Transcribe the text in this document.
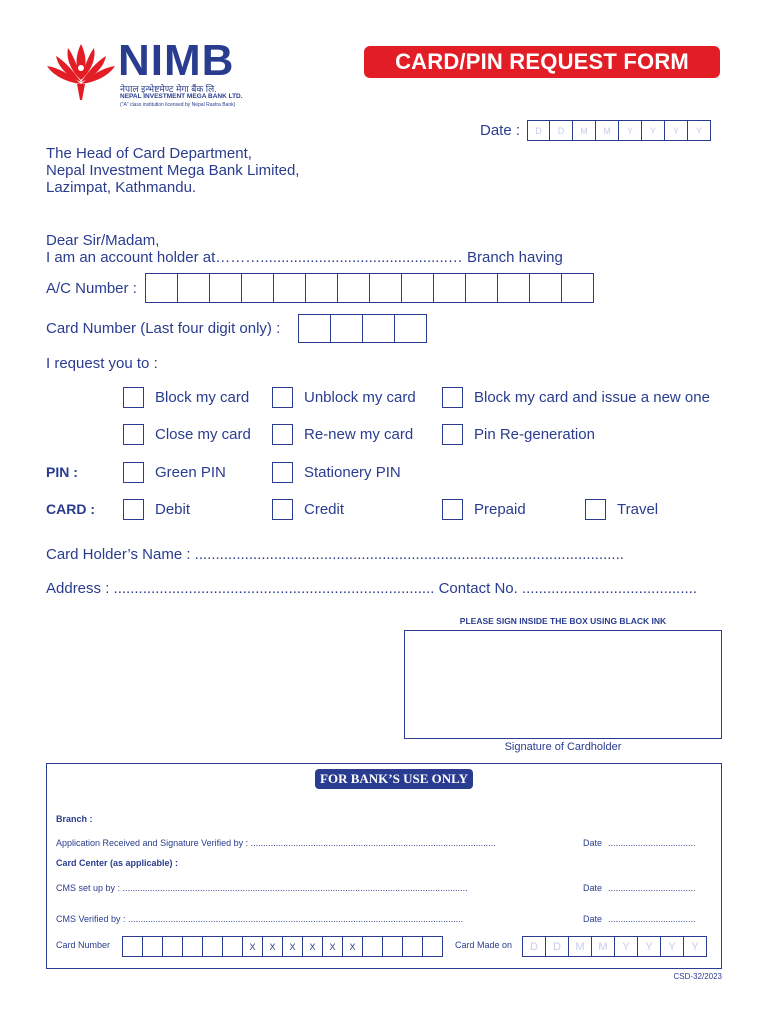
NIMB
नेपाल इन्भेष्टमेण्ट मेगा बैंक लि.
NEPAL INVESTMENT MEGA BANK LTD.
("A" class institution licensed by Nepal Rastra Bank)
CARD/PIN REQUEST FORM
Date :	D	D	M	M	Y	Y	Y	Y
The Head of Card Department,
Nepal Investment Mega Bank Limited,
Lazimpat, Kathmandu.
Dear Sir/Madam,
I am an account holder at……….............................................… Branch having
A/C Number :
Card Number (Last four digit only) :
I request you to :
Block my card	Unblock my card	Block my card and issue a new one
Close my card	Re-new my card	Pin Re-generation
PIN :	Green PIN	Stationery PIN
CARD :	Debit	Credit	Prepaid	Travel
Card Holder’s Name : .......................................................................................................
Address : ............................................................................. Contact No. ..........................................
PLEASE SIGN INSIDE THE BOX USING BLACK INK
Signature of Cardholder
FOR BANK’S USE ONLY
Branch :
Application Received and Signature Verified by : ..................................................................................................	Date ...................................
Card Center (as applicable) :
CMS set up by : ..........................................................................................................................................	Date ...................................
CMS Verified by : ......................................................................................................................................	Date ...................................
Card Number	X	X	X	X	X	X	Card Made on	D	D	M	M	Y	Y	Y	Y
CSD-32/2023
